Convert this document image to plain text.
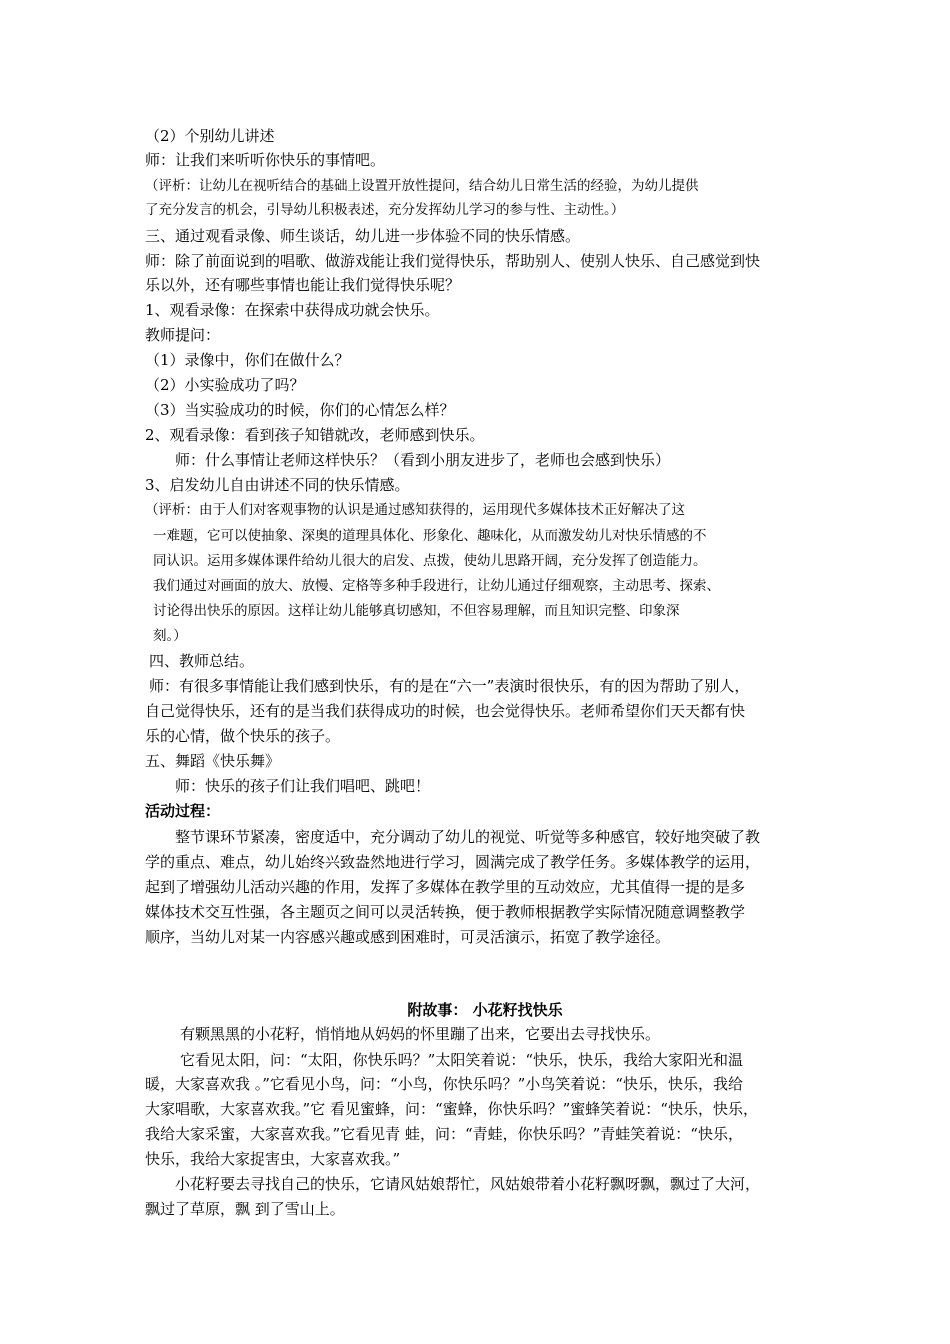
（2）个别幼儿讲述
师：让我们来听听你快乐的事情吧。
（评析：让幼儿在视听结合的基础上设置开放性提问，结合幼儿日常生活的经验，为幼儿提供
了充分发言的机会，引导幼儿积极表述，充分发挥幼儿学习的参与性、主动性。）
三、通过观看录像、师生谈话，幼儿进一步体验不同的快乐情感。
师：除了前面说到的唱歌、做游戏能让我们觉得快乐，帮助别人、使别人快乐、自己感觉到快
乐以外，还有哪些事情也能让我们觉得快乐呢？
1、观看录像：在探索中获得成功就会快乐。
教师提问：
（1）录像中，你们在做什么？
（2）小实验成功了吗？
（3）当实验成功的时候，你们的心情怎么样？
2、观看录像：看到孩子知错就改，老师感到快乐。
师：什么事情让老师这样快乐？（看到小朋友进步了，老师也会感到快乐）
3、启发幼儿自由讲述不同的快乐情感。
（评析：由于人们对客观事物的认识是通过感知获得的，运用现代多媒体技术正好解决了这
一难题，它可以使抽象、深奥的道理具体化、形象化、趣味化，从而激发幼儿对快乐情感的不
同认识。运用多媒体课件给幼儿很大的启发、点拨，使幼儿思路开阔，充分发挥了创造能力。
我们通过对画面的放大、放慢、定格等多种手段进行，让幼儿通过仔细观察，主动思考、探索、
讨论得出快乐的原因。这样让幼儿能够真切感知，不但容易理解，而且知识完整、印象深
刻。）
四、教师总结。
师：有很多事情能让我们感到快乐，有的是在“六一”表演时很快乐，有的因为帮助了别人，
自己觉得快乐，还有的是当我们获得成功的时候，也会觉得快乐。老师希望你们天天都有快
乐的心情，做个快乐的孩子。
五、舞蹈《快乐舞》
师：快乐的孩子们让我们唱吧、跳吧！
活动过程：
整节课环节紧凑，密度适中，充分调动了幼儿的视觉、听觉等多种感官，较好地突破了教
学的重点、难点，幼儿始终兴致盎然地进行学习，圆满完成了教学任务。多媒体教学的运用，
起到了增强幼儿活动兴趣的作用，发挥了多媒体在教学里的互动效应，尤其值得一提的是多
媒体技术交互性强，各主题页之间可以灵活转换，便于教师根据教学实际情况随意调整教学
顺序，当幼儿对某一内容感兴趣或感到困难时，可灵活演示，拓宽了教学途径。
附故事： 小花籽找快乐
有颗黑黑的小花籽，悄悄地从妈妈的怀里蹦了出来，它要出去寻找快乐。
它看见太阳，问：“太阳，你快乐吗？”太阳笑着说：“快乐，快乐，我给大家阳光和温
暖，大家喜欢我 。”它看见小鸟，问：“小鸟，你快乐吗？”小鸟笑着说：“快乐，快乐，我给
大家唱歌，大家喜欢我。”它 看见蜜蜂，问：“蜜蜂，你快乐吗？”蜜蜂笑着说：“快乐，快乐，
我给大家采蜜，大家喜欢我。”它看见青 蛙，问：“青蛙，你快乐吗？”青蛙笑着说：“快乐，
快乐，我给大家捉害虫，大家喜欢我。”
小花籽要去寻找自己的快乐，它请风姑娘帮忙，风姑娘带着小花籽飘呀飘，飘过了大河，
飘过了草原，飘 到了雪山上。
